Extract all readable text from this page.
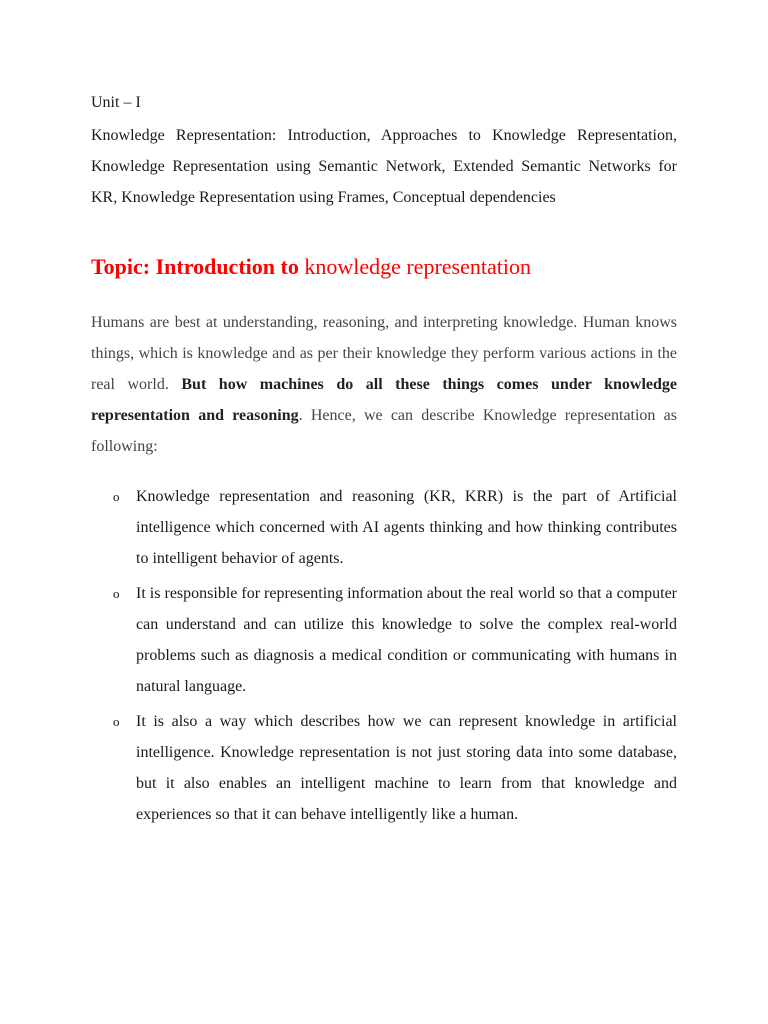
Unit – I

Knowledge Representation: Introduction, Approaches to Knowledge Representation, Knowledge Representation using Semantic Network, Extended Semantic Networks for KR, Knowledge Representation using Frames, Conceptual dependencies

Topic: Introduction to knowledge representation

Humans are best at understanding, reasoning, and interpreting knowledge. Human knows things, which is knowledge and as per their knowledge they perform various actions in the real world. But how machines do all these things comes under knowledge representation and reasoning. Hence, we can describe Knowledge representation as following:

o Knowledge representation and reasoning (KR, KRR) is the part of Artificial intelligence which concerned with AI agents thinking and how thinking contributes to intelligent behavior of agents.
o It is responsible for representing information about the real world so that a computer can understand and can utilize this knowledge to solve the complex real-world problems such as diagnosis a medical condition or communicating with humans in natural language.
o It is also a way which describes how we can represent knowledge in artificial intelligence. Knowledge representation is not just storing data into some database, but it also enables an intelligent machine to learn from that knowledge and experiences so that it can behave intelligently like a human.
